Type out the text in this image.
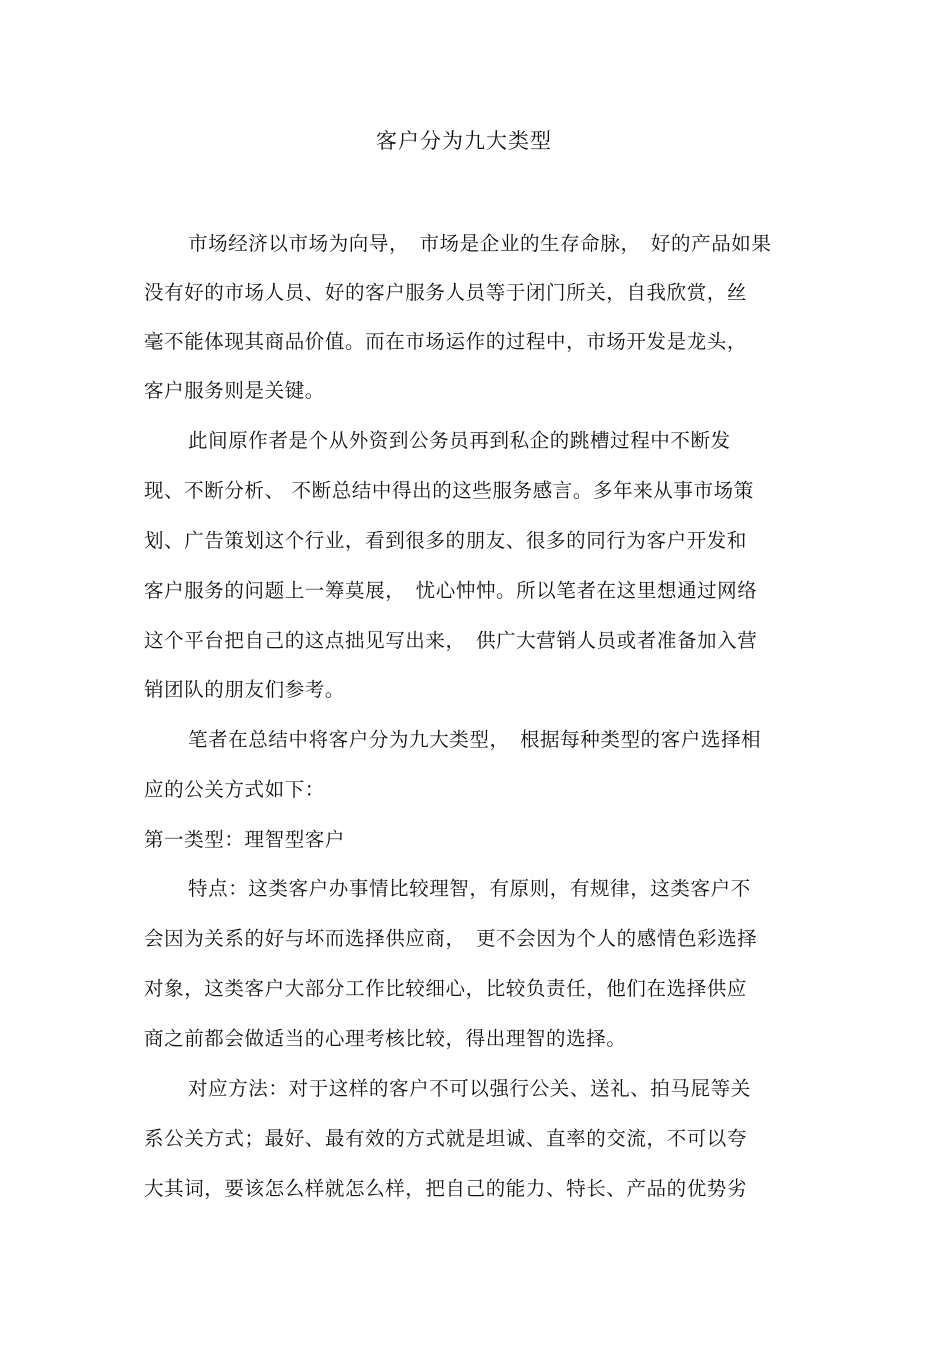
客户分为九大类型
市场经济以市场为向导，　市场是企业的生存命脉，　好的产品如果
没有好的市场人员、好的客户服务人员等于闭门所关，自我欣赏，丝
毫不能体现其商品价值。而在市场运作的过程中，市场开发是龙头，
客户服务则是关键。
此间原作者是个从外资到公务员再到私企的跳槽过程中不断发
现、不断分析、 不断总结中得出的这些服务感言。多年来从事市场策
划、广告策划这个行业，看到很多的朋友、很多的同行为客户开发和
客户服务的问题上一筹莫展，　忧心忡忡。所以笔者在这里想通过网络
这个平台把自己的这点拙见写出来，　供广大营销人员或者准备加入营
销团队的朋友们参考。
笔者在总结中将客户分为九大类型，　根据每种类型的客户选择相
应的公关方式如下：
第一类型：理智型客户
特点：这类客户办事情比较理智，有原则，有规律，这类客户不
会因为关系的好与坏而选择供应商，　更不会因为个人的感情色彩选择
对象，这类客户大部分工作比较细心，比较负责任，他们在选择供应
商之前都会做适当的心理考核比较，得出理智的选择。
对应方法：对于这样的客户不可以强行公关、送礼、拍马屁等关
系公关方式；最好、最有效的方式就是坦诚、直率的交流，不可以夸
大其词，要该怎么样就怎么样，把自己的能力、特长、产品的优势劣
